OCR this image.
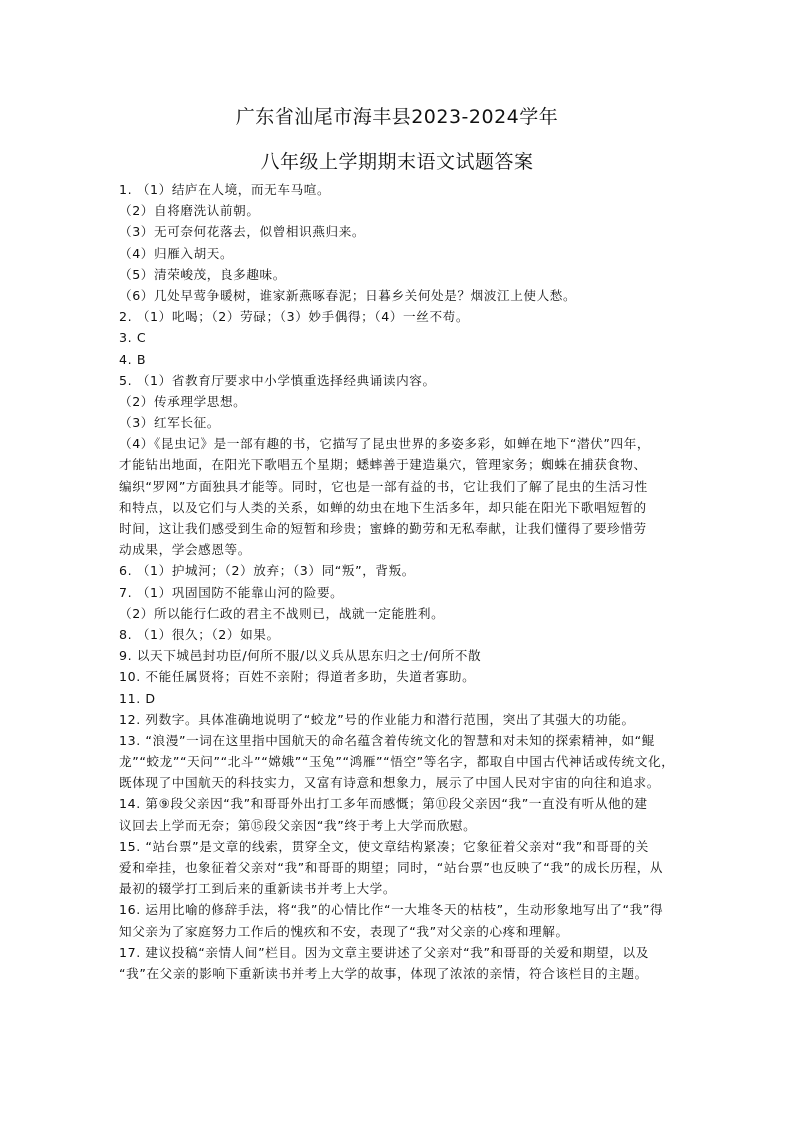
广东省汕尾市海丰县2023-2024学年
八年级上学期期末语文试题答案
1. （1）结庐在人境，而无车马喧。
（2）自将磨洗认前朝。
（3）无可奈何花落去，似曾相识燕归来。
（4）归雁入胡天。
（5）清荣峻茂，良多趣味。
（6）几处早莺争暖树，谁家新燕啄春泥；日暮乡关何处是？烟波江上使人愁。
2. （1）叱喝；（2）劳碌；（3）妙手偶得；（4）一丝不苟。
3. C
4. B
5. （1）省教育厅要求中小学慎重选择经典诵读内容。
（2）传承理学思想。
（3）红军长征。
（4）《昆虫记》是一部有趣的书，它描写了昆虫世界的多姿多彩，如蝉在地下“潜伏”四年，
才能钻出地面，在阳光下歌唱五个星期；蟋蟀善于建造巢穴，管理家务；蜘蛛在捕获食物、
编织“罗网”方面独具才能等。同时，它也是一部有益的书，它让我们了解了昆虫的生活习性
和特点，以及它们与人类的关系，如蝉的幼虫在地下生活多年，却只能在阳光下歌唱短暂的
时间，这让我们感受到生命的短暂和珍贵；蜜蜂的勤劳和无私奉献，让我们懂得了要珍惜劳
动成果，学会感恩等。
6. （1）护城河；（2）放弃；（3）同“叛”，背叛。
7. （1）巩固国防不能靠山河的险要。
（2）所以能行仁政的君主不战则已，战就一定能胜利。
8. （1）很久；（2）如果。
9. 以天下城邑封功臣/何所不服/以义兵从思东归之士/何所不散
10. 不能任属贤将；百姓不亲附；得道者多助，失道者寡助。
11. D
12. 列数字。具体准确地说明了“蛟龙”号的作业能力和潜行范围，突出了其强大的功能。
13. “浪漫”一词在这里指中国航天的命名蕴含着传统文化的智慧和对未知的探索精神，如“鲲
龙”“蛟龙”“天问”“北斗”“嫦娥”“玉兔”“鸿雁”“悟空”等名字，都取自中国古代神话或传统文化，
既体现了中国航天的科技实力，又富有诗意和想象力，展示了中国人民对宇宙的向往和追求。
14. 第⑨段父亲因“我”和哥哥外出打工多年而感慨；第⑪段父亲因“我”一直没有听从他的建
议回去上学而无奈；第⑮段父亲因“我”终于考上大学而欣慰。
15. “站台票”是文章的线索，贯穿全文，使文章结构紧凑；它象征着父亲对“我”和哥哥的关
爱和牵挂，也象征着父亲对“我”和哥哥的期望；同时，“站台票”也反映了“我”的成长历程，从
最初的辍学打工到后来的重新读书并考上大学。
16. 运用比喻的修辞手法，将“我”的心情比作“一大堆冬天的枯枝”，生动形象地写出了“我”得
知父亲为了家庭努力工作后的愧疚和不安，表现了“我”对父亲的心疼和理解。
17. 建议投稿“亲情人间”栏目。因为文章主要讲述了父亲对“我”和哥哥的关爱和期望，以及
“我”在父亲的影响下重新读书并考上大学的故事，体现了浓浓的亲情，符合该栏目的主题。
